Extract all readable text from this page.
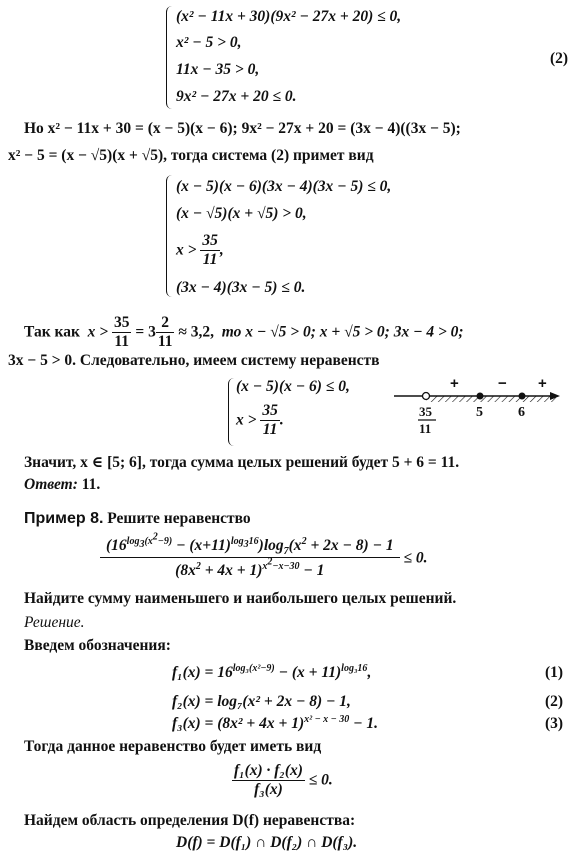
(x² − 11x + 30)(9x² − 27x + 20) ≤ 0,
x² − 5 > 0,
11x − 35 > 0,
9x² − 27x + 20 ≤ 0.
(2)
Но x² − 11x + 30 = (x − 5)(x − 6); 9x² − 27x + 20 = (3x − 4)((3x − 5);
x² − 5 = (x − √5)(x + √5), тогда система (2) примет вид
(x − 5)(x − 6)(3x − 4)(3x − 5) ≤ 0,
(x − √5)(x + √5) > 0,
$x > \frac{35}{11}$ ,
(3x − 4)(3x − 5) ≤ 0.
Так как $x > \frac{35}{11} = 3 \frac{2}{11} \approx 3,2$, то x − √5 > 0; x + √5 > 0; 3x − 4 > 0;
3x − 5 > 0. Следовательно, имеем систему неравенств
(x − 5)(x − 6) ≤ 0,
$x > \frac{35}{11}$ .
+	− +
5	6
35
11
Значит, x ∈ [5; 6], тогда сумма целых решений будет 5 + 6 = 11.
Ответ: 11.
Пример 8. Решите неравенство
$\frac{(16^{log_3(x^2-9)} - (x+11)^{log_316})\log_7(x^2 + 2x - 8) - 1}{(8x^2 + 4x + 1)^{x^2-x-30} - 1} \le 0$.
Найдите сумму наименьшего и наибольшего целых решений.
Решение.
Введем обозначения:
$f_1(x) = 16^{log_3(x^2-9)} - (x + 11)^{log_316}$,
f₂(x) = log₇(x² + 2x − 8) − 1,
$f_3(x) = (8x^2 + 4x + 1)^{x^2 - x - 30} - 1$.
(1)
(2)
(3)
Тогда данное неравенство будет иметь вид
$\frac{\text{f₁(x) · f₂(x)}}{\text{f₃(x)}} \le 0$.
Найдем область определения D(f) неравенства:
D(f) = D(f₁) ∩ D(f₂) ∩ D(f₃).
